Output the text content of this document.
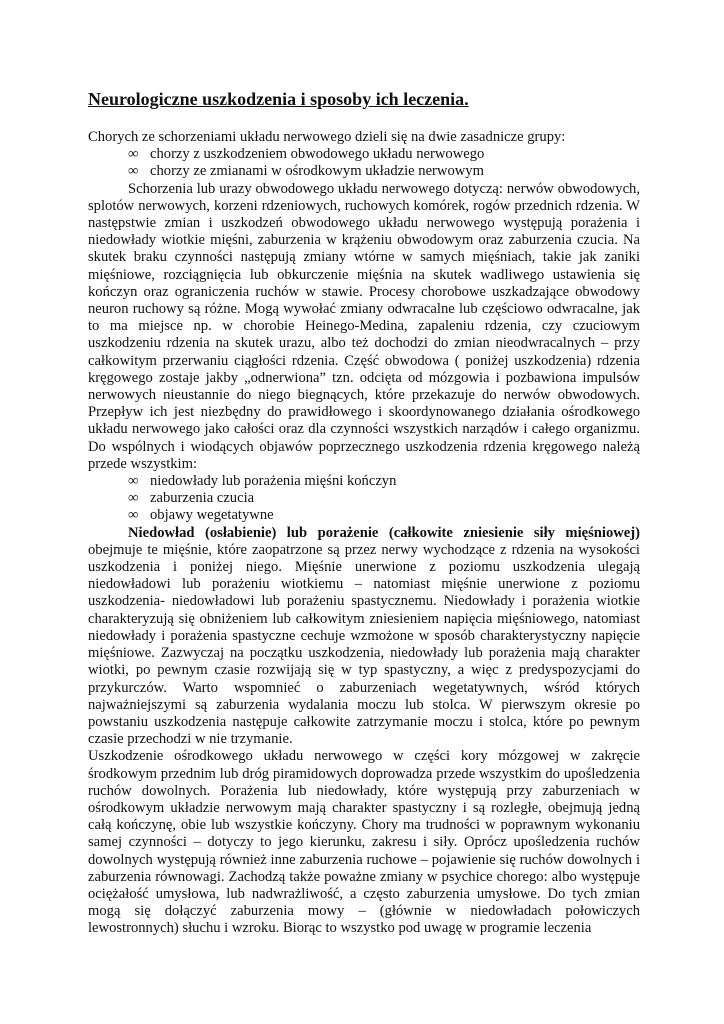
Neurologiczne uszkodzenia i sposoby ich leczenia.

Chorych ze schorzeniami układu nerwowego dzieli się na dwie zasadnicze grupy:

∞ chorzy z uszkodzeniem obwodowego układu nerwowego
∞ chorzy ze zmianami w ośrodkowym układzie nerwowym

Schorzenia lub urazy obwodowego układu nerwowego dotyczą: nerwów obwodowych, splotów nerwowych, korzeni rdzeniowych, ruchowych komórek, rogów przednich rdzenia. W następstwie zmian i uszkodzeń obwodowego układu nerwowego występują porażenia i niedowłady wiotkie mięśni, zaburzenia w krążeniu obwodowym oraz zaburzenia czucia. Na skutek braku czynności następują zmiany wtórne w samych mięśniach, takie jak zaniki mięśniowe, rozciągnięcia lub obkurczenie mięśnia na skutek wadliwego ustawienia się kończyn oraz ograniczenia ruchów w stawie. Procesy chorobowe uszkadzające obwodowy neuron ruchowy są różne. Mogą wywołać zmiany odwracalne lub częściowo odwracalne, jak to ma miejsce np. w chorobie Heinego-Medina, zapaleniu rdzenia, czy czuciowym uszkodzeniu rdzenia na skutek urazu, albo też dochodzi do zmian nieodwracalnych – przy całkowitym przerwaniu ciągłości rdzenia. Część obwodowa ( poniżej uszkodzenia) rdzenia kręgowego zostaje jakby „odnerwiona” tzn. odcięta od mózgowia i pozbawiona impulsów nerwowych nieustannie do niego biegnących, które przekazuje do nerwów obwodowych. Przepływ ich jest niezbędny do prawidłowego i skoordynowanego działania ośrodkowego układu nerwowego jako całości oraz dla czynności wszystkich narządów i całego organizmu. Do wspólnych i wiodących objawów poprzecznego uszkodzenia rdzenia kręgowego należą przede wszystkim:

∞ niedowłady lub porażenia mięśni kończyn
∞ zaburzenia czucia
∞ objawy wegetatywne

Niedowład (osłabienie) lub porażenie (całkowite zniesienie siły mięśniowej) obejmuje te mięśnie, które zaopatrzone są przez nerwy wychodzące z rdzenia na wysokości uszkodzenia i poniżej niego. Mięśnie unerwione z poziomu uszkodzenia ulegają niedowładowi lub porażeniu wiotkiemu – natomiast mięśnie unerwione z poziomu uszkodzenia- niedowładowi lub porażeniu spastycznemu. Niedowłady i porażenia wiotkie charakteryzują się obniżeniem lub całkowitym zniesieniem napięcia mięśniowego, natomiast niedowłady i porażenia spastyczne cechuje wzmożone w sposób charakterystyczny napięcie mięśniowe. Zazwyczaj na początku uszkodzenia, niedowłady lub porażenia mają charakter wiotki, po pewnym czasie rozwijają się w typ spastyczny, a więc z predyspozycjami do przykurczów. Warto wspomnieć o zaburzeniach wegetatywnych, wśród których najważniejszymi są zaburzenia wydalania moczu lub stolca. W pierwszym okresie po powstaniu uszkodzenia następuje całkowite zatrzymanie moczu i stolca, które po pewnym czasie przechodzi w nie trzymanie.

Uszkodzenie ośrodkowego układu nerwowego w części kory mózgowej w zakręcie środkowym przednim lub dróg piramidowych doprowadza przede wszystkim do upośledzenia ruchów dowolnych. Porażenia lub niedowłady, które występują przy zaburzeniach w ośrodkowym układzie nerwowym mają charakter spastyczny i są rozległe, obejmują jedną całą kończynę, obie lub wszystkie kończyny. Chory ma trudności w poprawnym wykonaniu samej czynności – dotyczy to jego kierunku, zakresu i siły. Oprócz upośledzenia ruchów dowolnych występują również inne zaburzenia ruchowe – pojawienie się ruchów dowolnych i zaburzenia równowagi. Zachodzą także poważne zmiany w psychice chorego: albo występuje ociężałość umysłowa, lub nadwrażliwość, a często zaburzenia umysłowe. Do tych zmian mogą się dołączyć zaburzenia mowy – (głównie w niedowładach połowiczych lewostronnych) słuchu i wzroku. Biorąc to wszystko pod uwagę w programie leczenia
